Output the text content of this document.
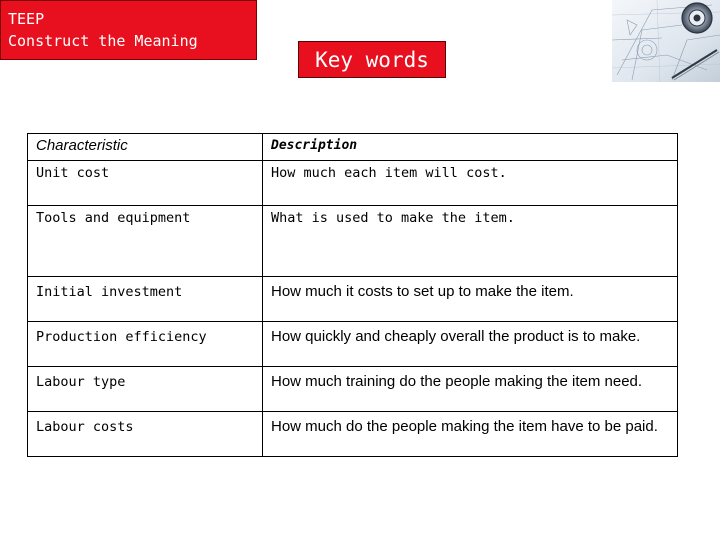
TEEP
Construct the Meaning
Key words
Characteristic	Description
Unit cost	How much each item will cost.
Tools and equipment	What is used to make the item.
Initial investment	How much it costs to set up to make the item.
Production efficiency	How quickly and cheaply overall the product is to make.
Labour type	How much training do the people making the item need.
Labour costs	How much do the people making the item have to be paid.
